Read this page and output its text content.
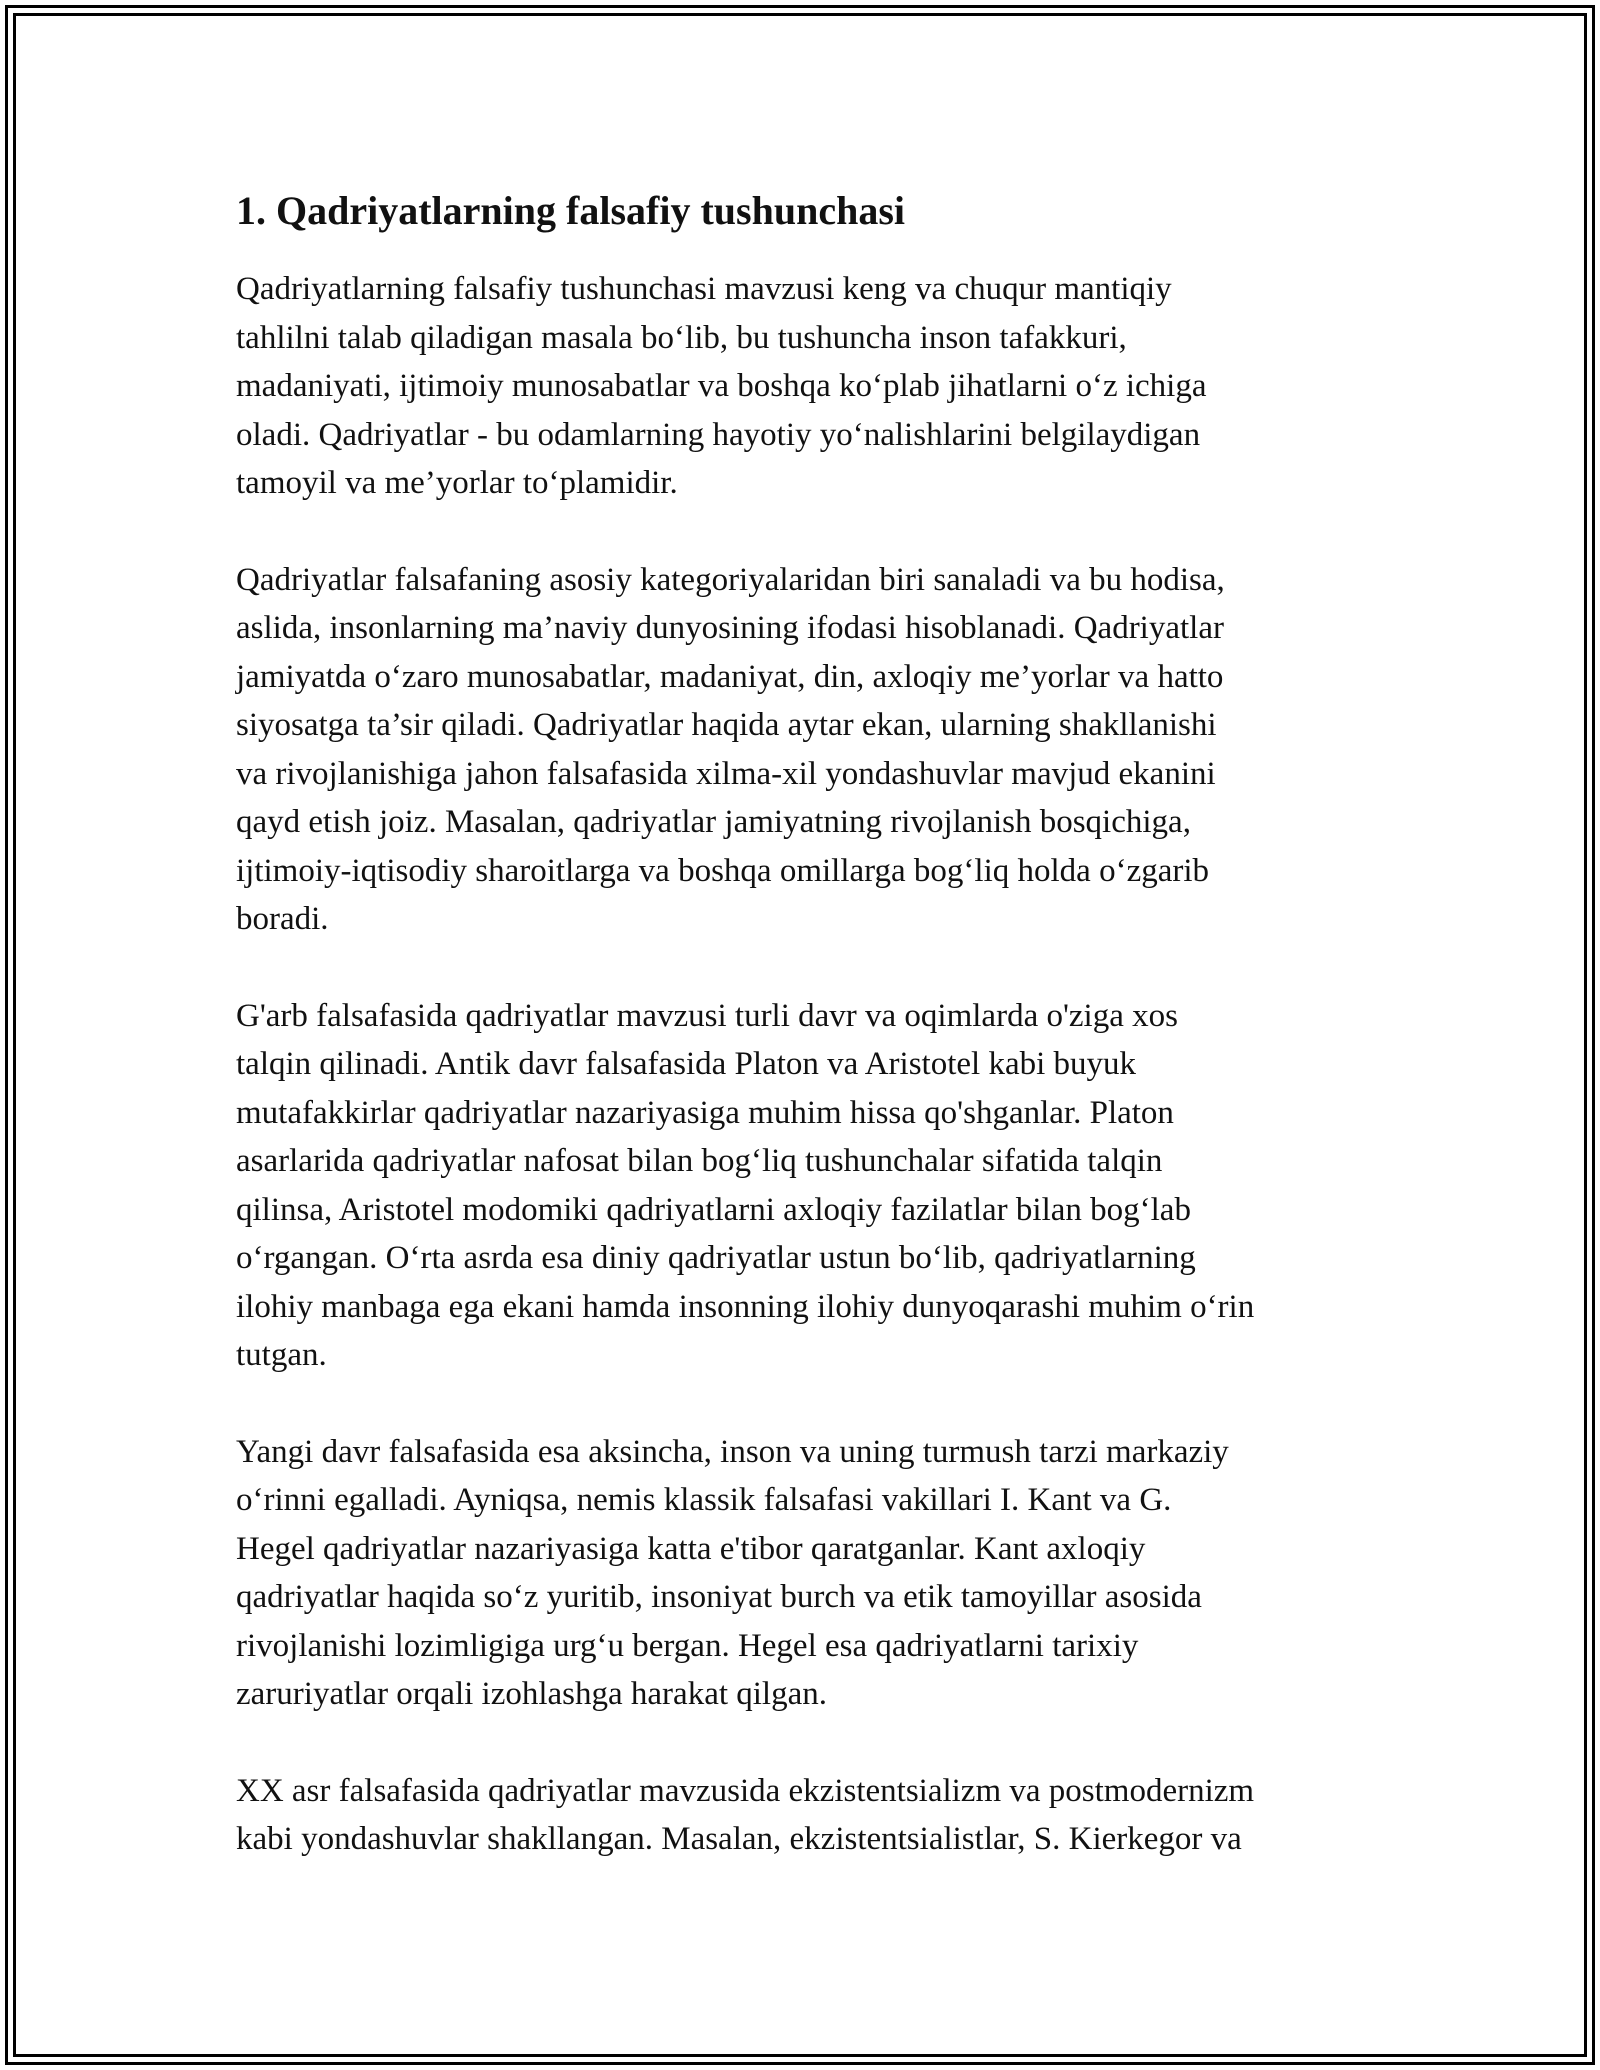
1. Qadriyatlarning falsafiy tushunchasi

Qadriyatlarning falsafiy tushunchasi mavzusi keng va chuqur mantiqiy
tahlilni talab qiladigan masala bo‘lib, bu tushuncha inson tafakkuri,
madaniyati, ijtimoiy munosabatlar va boshqa ko‘plab jihatlarni o‘z ichiga
oladi. Qadriyatlar - bu odamlarning hayotiy yo‘nalishlarini belgilaydigan
tamoyil va me’yorlar to‘plamidir.

Qadriyatlar falsafaning asosiy kategoriyalaridan biri sanaladi va bu hodisa,
aslida, insonlarning ma’naviy dunyosining ifodasi hisoblanadi. Qadriyatlar
jamiyatda o‘zaro munosabatlar, madaniyat, din, axloqiy me’yorlar va hatto
siyosatga ta’sir qiladi. Qadriyatlar haqida aytar ekan, ularning shakllanishi
va rivojlanishiga jahon falsafasida xilma-xil yondashuvlar mavjud ekanini
qayd etish joiz. Masalan, qadriyatlar jamiyatning rivojlanish bosqichiga,
ijtimoiy-iqtisodiy sharoitlarga va boshqa omillarga bog‘liq holda o‘zgarib
boradi.

G'arb falsafasida qadriyatlar mavzusi turli davr va oqimlarda o'ziga xos
talqin qilinadi. Antik davr falsafasida Platon va Aristotel kabi buyuk
mutafakkirlar qadriyatlar nazariyasiga muhim hissa qo'shganlar. Platon
asarlarida qadriyatlar nafosat bilan bog‘liq tushunchalar sifatida talqin
qilinsa, Aristotel modomiki qadriyatlarni axloqiy fazilatlar bilan bog‘lab
o‘rgangan. O‘rta asrda esa diniy qadriyatlar ustun bo‘lib, qadriyatlarning
ilohiy manbaga ega ekani hamda insonning ilohiy dunyoqarashi muhim o‘rin
tutgan.

Yangi davr falsafasida esa aksincha, inson va uning turmush tarzi markaziy
o‘rinni egalladi. Ayniqsa, nemis klassik falsafasi vakillari I. Kant va G.
Hegel qadriyatlar nazariyasiga katta e'tibor qaratganlar. Kant axloqiy
qadriyatlar haqida so‘z yuritib, insoniyat burch va etik tamoyillar asosida
rivojlanishi lozimligiga urg‘u bergan. Hegel esa qadriyatlarni tarixiy
zaruriyatlar orqali izohlashga harakat qilgan.

XX asr falsafasida qadriyatlar mavzusida ekzistentsializm va postmodernizm
kabi yondashuvlar shakllangan. Masalan, ekzistentsialistlar, S. Kierkegor va
